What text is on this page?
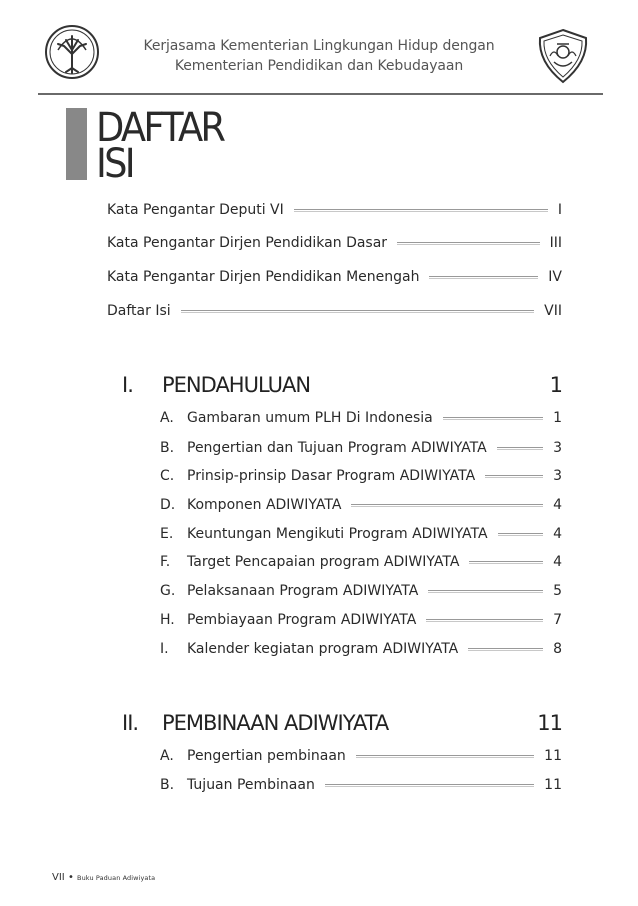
Kerjasama Kementerian Lingkungan Hidup dengan
Kementerian Pendidikan dan Kebudayaan
DAFTAR
ISI
Kata Pengantar Deputi VI	I
Kata Pengantar Dirjen Pendidikan Dasar	III
Kata Pengantar Dirjen Pendidikan Menengah	IV
Daftar Isi	VII
I.	PENDAHULUAN	1
A. Gambaran umum PLH Di Indonesia	1
B. Pengertian dan Tujuan Program ADIWIYATA	3
C. Prinsip-prinsip Dasar Program ADIWIYATA	3
D. Komponen ADIWIYATA	4
E. Keuntungan Mengikuti Program ADIWIYATA	4
F. Target Pencapaian program ADIWIYATA	4
G. Pelaksanaan Program ADIWIYATA	5
H. Pembiayaan Program ADIWIYATA	7
I. Kalender kegiatan program ADIWIYATA	8
II.	PEMBINAAN ADIWIYATA	11
A. Pengertian pembinaan	11
B. Tujuan Pembinaan	11
VII • Buku Paduan Adiwiyata
